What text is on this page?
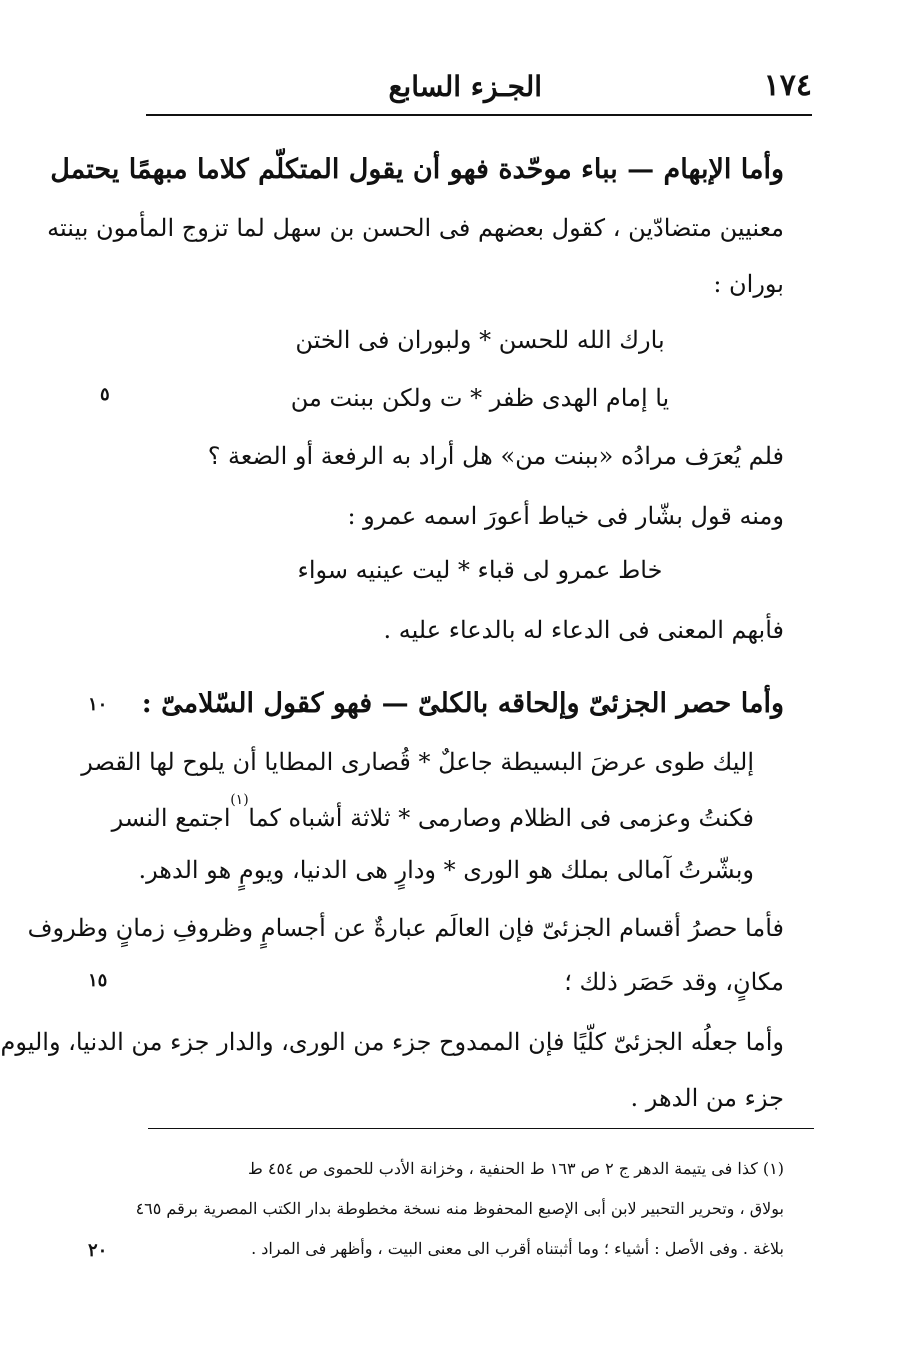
١٧٤
الجـزء السابع
وأما الإبهام — بباء موحّدة فهو أن يقول المتكلّم كلاما مبهمًا يحتمل
معنيين متضادّين ، كقول بعضهم فى الحسن بن سهل لما تزوج المأمون بينته
بوران :
بارك الله للحسن * ولبوران فى الختن
يا إمام الهدى ظفر * ت ولكن ببنت من
فلم يُعرَف مرادُه «ببنت من» هل أراد به الرفعة أو الضعة ؟
ومنه قول بشّار فى خياط أعورَ اسمه عمرو :
خاط عمرو لى قباء * ليت عينيه سواء
فأبهم المعنى فى الدعاء له بالدعاء عليه .
وأما حصر الجزئىّ وإلحاقه بالكلىّ — فهو كقول السّلامىّ :
إليك طوى عرضَ البسيطة جاعلٌ * قُصارى المطايا أن يلوح لها القصر
فكنتُ وعزمى فى الظلام وصارمى * ثلاثة أشباه كما $^{(١)}$ اجتمع النسر
وبشّرتُ آمالى بملك هو الورى * ودارٍ هى الدنيا، ويومٍ هو الدهر.
فأما حصرُ أقسام الجزئىّ فإن العالَم عبارةٌ عن أجسامٍ وظروفِ زمانٍ وظروف
مكانٍ، وقد حَصَر ذلك ؛
وأما جعلُه الجزئىّ كلّيًا فإن الممدوح جزء من الورى، والدار جزء من الدنيا، واليوم
جزء من الدهر .
٥
١٠
١٥
٢٠
(١) كذا فى يتيمة الدهر ج ٢ ص ١٦٣ ط الحنفية ، وخزانة الأدب للحموى ص ٤٥٤ ط
بولاق ، وتحرير التحبير لابن أبى الإصبع المحفوظ منه نسخة مخطوطة بدار الكتب المصرية برقم ٤٦٥
بلاغة . وفى الأصل : أشياء ؛ وما أثبتناه أقرب الى معنى البيت ، وأظهر فى المراد .
